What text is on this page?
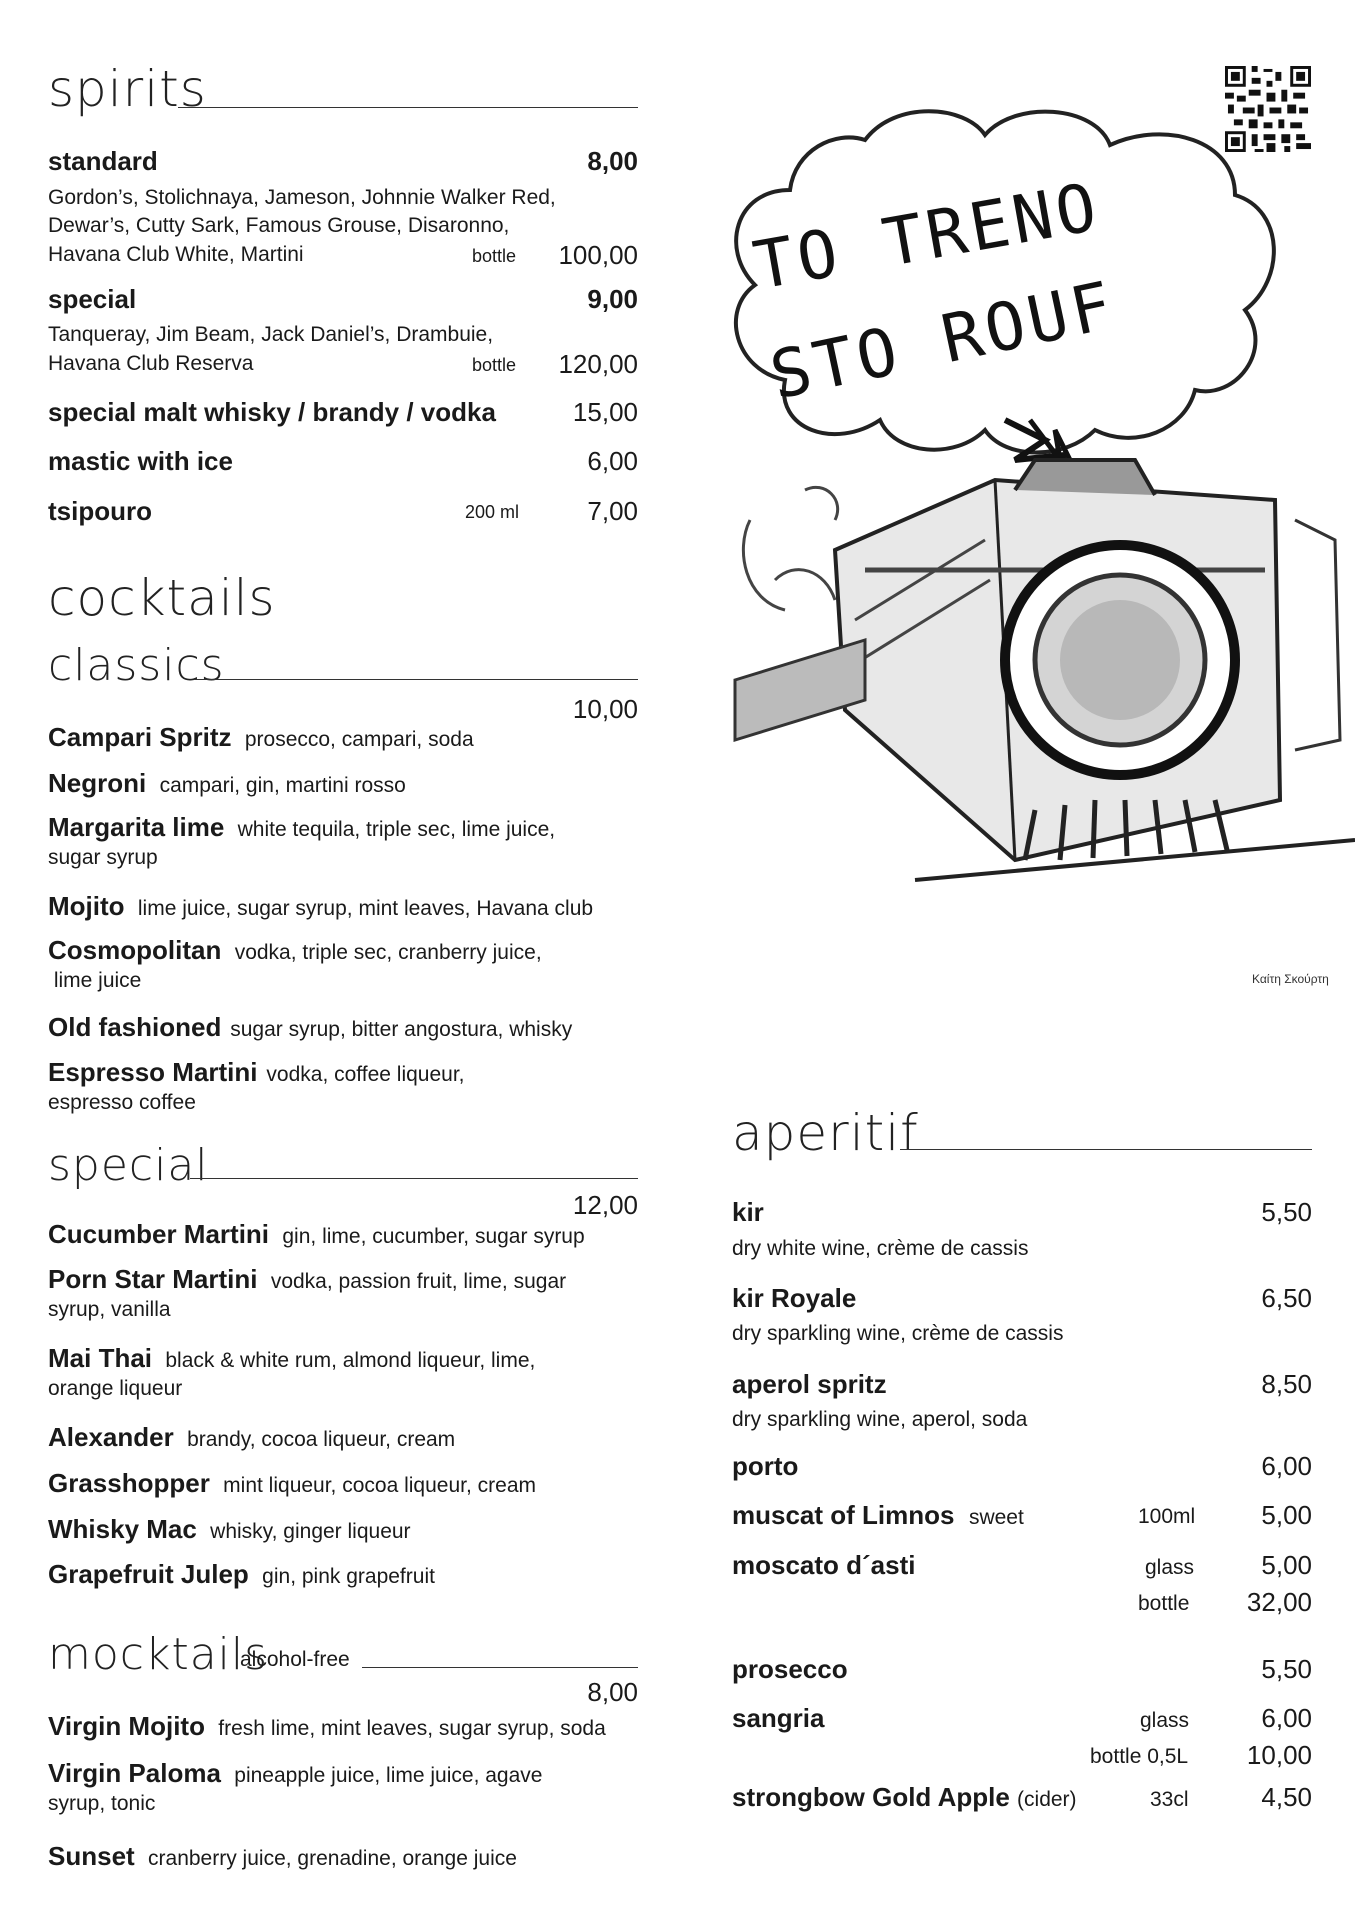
spirits
standard	8,00
Gordon’s, Stolichnaya, Jameson, Johnnie Walker Red,
Dewar’s, Cutty Sark, Famous Grouse, Disaronno,
Havana Club White, Martini	bottle	100,00
special	9,00
Tanqueray, Jim Beam, Jack Daniel’s, Drambuie,
Havana Club Reserva	bottle	120,00
special malt whisky / brandy / vodka	15,00
mastic with ice	6,00
tsipouro	200 ml	7,00
cocktails
classics
10,00
Campari Spritz prosecco, campari, soda
Negroni campari, gin, martini rosso
Margarita lime white tequila, triple sec, lime juice,
sugar syrup
Mojito lime juice, sugar syrup, mint leaves, Havana club
Cosmopolitan vodka, triple sec, cranberry juice,
lime juice
Old fashioned sugar syrup, bitter angostura, whisky
Espresso Martini vodka, coffee liqueur,
espresso coffee
special
12,00
Cucumber Martini gin, lime, cucumber, sugar syrup
Porn Star Martini vodka, passion fruit, lime, sugar
syrup, vanilla
Mai Thai black & white rum, almond liqueur, lime,
orange liqueur
Alexander brandy, cocoa liqueur, cream
Grasshopper mint liqueur, cocoa liqueur, cream
Whisky Mac whisky, ginger liqueur
Grapefruit Julep gin, pink grapefruit
mocktails
alcohol-free
8,00
Virgin Mojito fresh lime, mint leaves, sugar syrup, soda
Virgin Paloma pineapple juice, lime juice, agave
syrup, tonic
Sunset cranberry juice, grenadine, orange juice
TO TRENO
STO ROUF
Καίτη Σκούρτη
aperitif
kir	5,50
dry white wine, crème de cassis
kir Royale	6,50
dry sparkling wine, crème de cassis
aperol spritz	8,50
dry sparkling wine, aperol, soda
porto	6,00
muscat of Limnos sweet	100ml	5,00
moscato d´asti	glass	5,00
bottle	32,00
prosecco	5,50
sangria	glass	6,00
bottle 0,5L	10,00
strongbow Gold Apple (cider)	33cl	4,50
